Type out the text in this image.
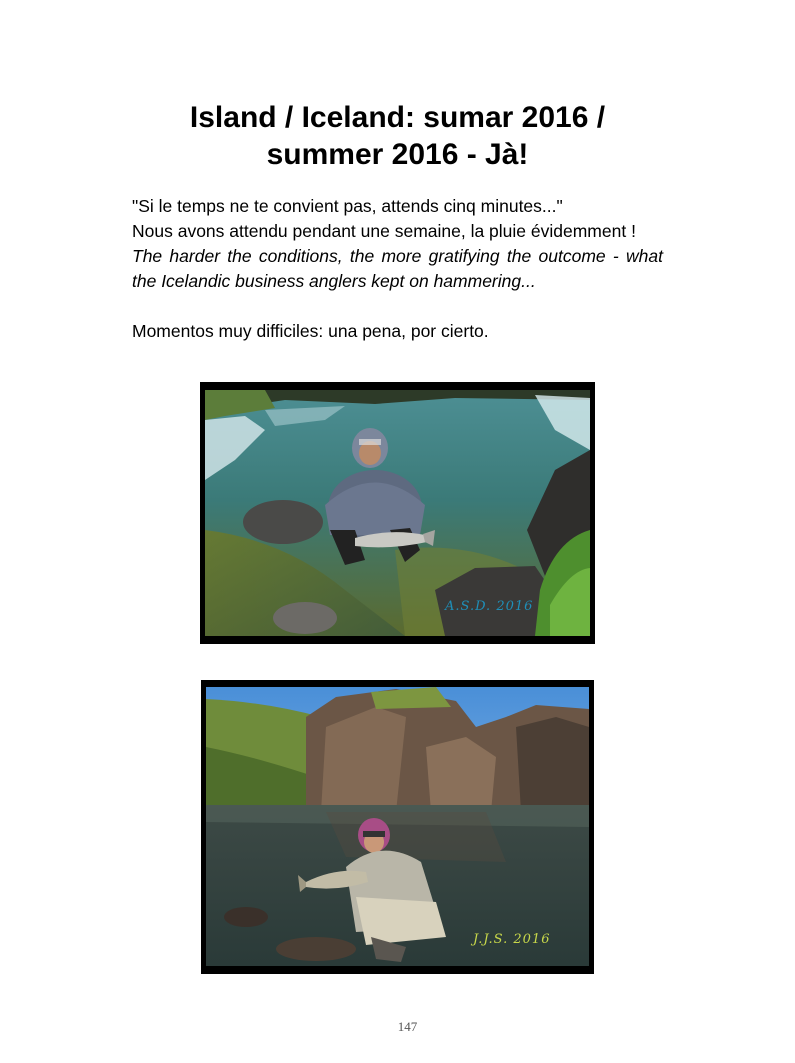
Island / Iceland: sumar 2016 /
summer 2016 - Jà!

"Si le temps ne te convient pas, attends cinq minutes..."

Nous avons attendu pendant une semaine, la pluie évidemment !

The harder the conditions, the more gratifying the outcome - what the Icelandic business anglers kept on hammering...

Momentos muy difficiles: una pena, por cierto.

A.S.D. 2016
J.J.S. 2016
147
